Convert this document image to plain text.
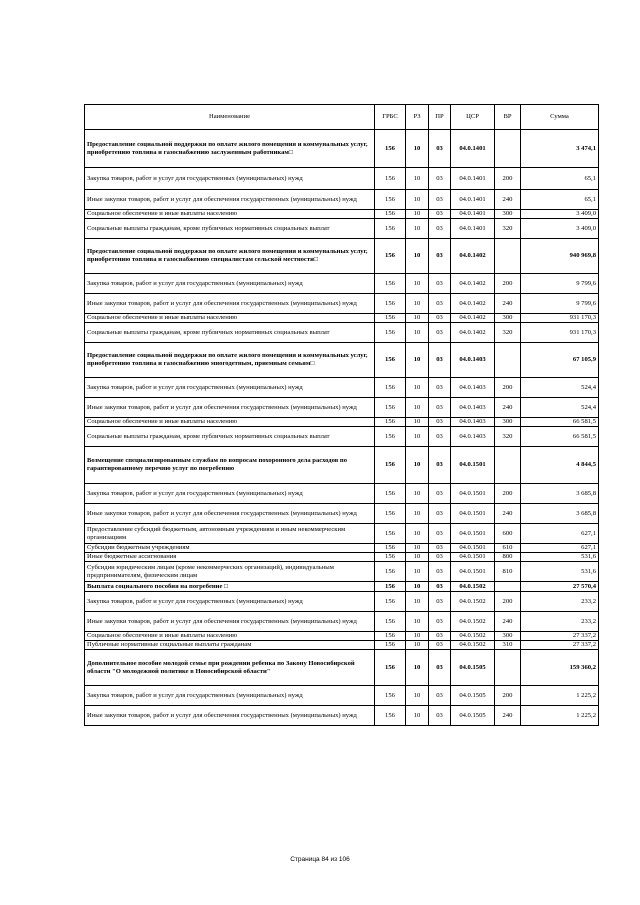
Наименование	ГРБС	РЗ	ПР	ЦСР	ВР	Сумма
Предоставление социальной поддержки по оплате жилого помещения и коммунальных услуг, приобретению топлива и газоснабжению заслуженным работникам□	156	10	03	04.0.1401		3 474,1
Закупка товаров, работ и услуг для государственных (муниципальных) нужд	156	10	03	04.0.1401	200	65,1
Иные закупки товаров, работ и услуг для обеспечения государственных (муниципальных) нужд	156	10	03	04.0.1401	240	65,1
Социальное обеспечение и иные выплаты населению	156	10	03	04.0.1401	300	3 409,0
Социальные выплаты гражданам, кроме публичных нормативных социальных выплат	156	10	03	04.0.1401	320	3 409,0
Предоставление социальной поддержки по оплате жилого помещения и коммунальных услуг, приобретению топлива и газоснабжению специалистам сельской местности□	156	10	03	04.0.1402		940 969,8
Закупка товаров, работ и услуг для государственных (муниципальных) нужд	156	10	03	04.0.1402	200	9 799,6
Иные закупки товаров, работ и услуг для обеспечения государственных (муниципальных) нужд	156	10	03	04.0.1402	240	9 799,6
Социальное обеспечение и иные выплаты населению	156	10	03	04.0.1402	300	931 170,3
Социальные выплаты гражданам, кроме публичных нормативных социальных выплат	156	10	03	04.0.1402	320	931 170,3
Предоставление социальной поддержки по оплате жилого помещения и коммунальных услуг, приобретению топлива и газоснабжению многодетным, приемным семьям□	156	10	03	04.0.1403		67 105,9
Закупка товаров, работ и услуг для государственных (муниципальных) нужд	156	10	03	04.0.1403	200	524,4
Иные закупки товаров, работ и услуг для обеспечения государственных (муниципальных) нужд	156	10	03	04.0.1403	240	524,4
Социальное обеспечение и иные выплаты населению	156	10	03	04.0.1403	300	66 581,5
Социальные выплаты гражданам, кроме публичных нормативных социальных выплат	156	10	03	04.0.1403	320	66 581,5
Возмещение специализированным службам по вопросам похоронного дела расходов по гарантированному перечню услуг по погребению	156	10	03	04.0.1501		4 844,5
Закупка товаров, работ и услуг для государственных (муниципальных) нужд	156	10	03	04.0.1501	200	3 685,8
Иные закупки товаров, работ и услуг для обеспечения государственных (муниципальных) нужд	156	10	03	04.0.1501	240	3 685,8
Предоставление субсидий бюджетным, автономным учреждениям и иным некоммерческим организациям	156	10	03	04.0.1501	600	627,1
Субсидии бюджетным учреждениям	156	10	03	04.0.1501	610	627,1
Иные бюджетные ассигнования	156	10	03	04.0.1501	800	531,6
Субсидии юридическим лицам (кроме некоммерческих организаций), индивидуальным предпринимателям, физическим лицам	156	10	03	04.0.1501	810	531,6
Выплата социального пособия на погребение □	156	10	03	04.0.1502		27 570,4
Закупка товаров, работ и услуг для государственных (муниципальных) нужд	156	10	03	04.0.1502	200	233,2
Иные закупки товаров, работ и услуг для обеспечения государственных (муниципальных) нужд	156	10	03	04.0.1502	240	233,2
Социальное обеспечение и иные выплаты населению	156	10	03	04.0.1502	300	27 337,2
Публичные нормативные социальные выплаты гражданам	156	10	03	04.0.1502	310	27 337,2
Дополнительное пособие молодой семье при рождении ребенка по Закону Новосибирской области "О молодежной политике в Новосибирской области"	156	10	03	04.0.1505		159 360,2
Закупка товаров, работ и услуг для государственных (муниципальных) нужд	156	10	03	04.0.1505	200	1 225,2
Иные закупки товаров, работ и услуг для обеспечения государственных (муниципальных) нужд	156	10	03	04.0.1505	240	1 225,2
Страница 84 из 106
